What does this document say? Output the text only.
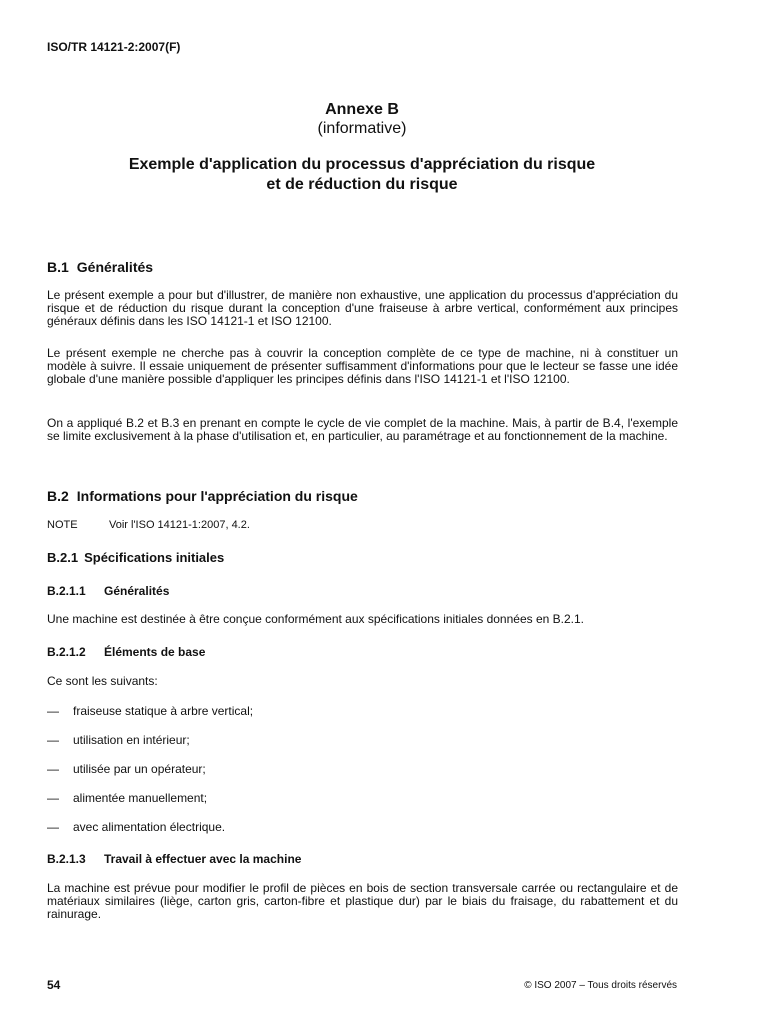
ISO/TR 14121-2:2007(F)
Annexe B
(informative)
Exemple d'application du processus d'appréciation du risque
et de réduction du risque
B.1 Généralités
Le présent exemple a pour but d'illustrer, de manière non exhaustive, une application du processus d'appréciation du risque et de réduction du risque durant la conception d'une fraiseuse à arbre vertical, conformément aux principes généraux définis dans les ISO 14121-1 et ISO 12100.
Le présent exemple ne cherche pas à couvrir la conception complète de ce type de machine, ni à constituer un modèle à suivre. Il essaie uniquement de présenter suffisamment d'informations pour que le lecteur se fasse une idée globale d'une manière possible d'appliquer les principes définis dans l'ISO 14121-1 et l'ISO 12100.
On a appliqué B.2 et B.3 en prenant en compte le cycle de vie complet de la machine. Mais, à partir de B.4, l'exemple se limite exclusivement à la phase d'utilisation et, en particulier, au paramétrage et au fonctionnement de la machine.
B.2 Informations pour l'appréciation du risque
NOTE	Voir l'ISO 14121-1:2007, 4.2.
B.2.1 Spécifications initiales
B.2.1.1 Généralités
Une machine est destinée à être conçue conformément aux spécifications initiales données en B.2.1.
B.2.1.2 Éléments de base
Ce sont les suivants:
— fraiseuse statique à arbre vertical;
— utilisation en intérieur;
— utilisée par un opérateur;
— alimentée manuellement;
— avec alimentation électrique.
B.2.1.3 Travail à effectuer avec la machine
La machine est prévue pour modifier le profil de pièces en bois de section transversale carrée ou rectangulaire et de matériaux similaires (liège, carton gris, carton-fibre et plastique dur) par le biais du fraisage, du rabattement et du rainurage.
54	© ISO 2007 – Tous droits réservés
